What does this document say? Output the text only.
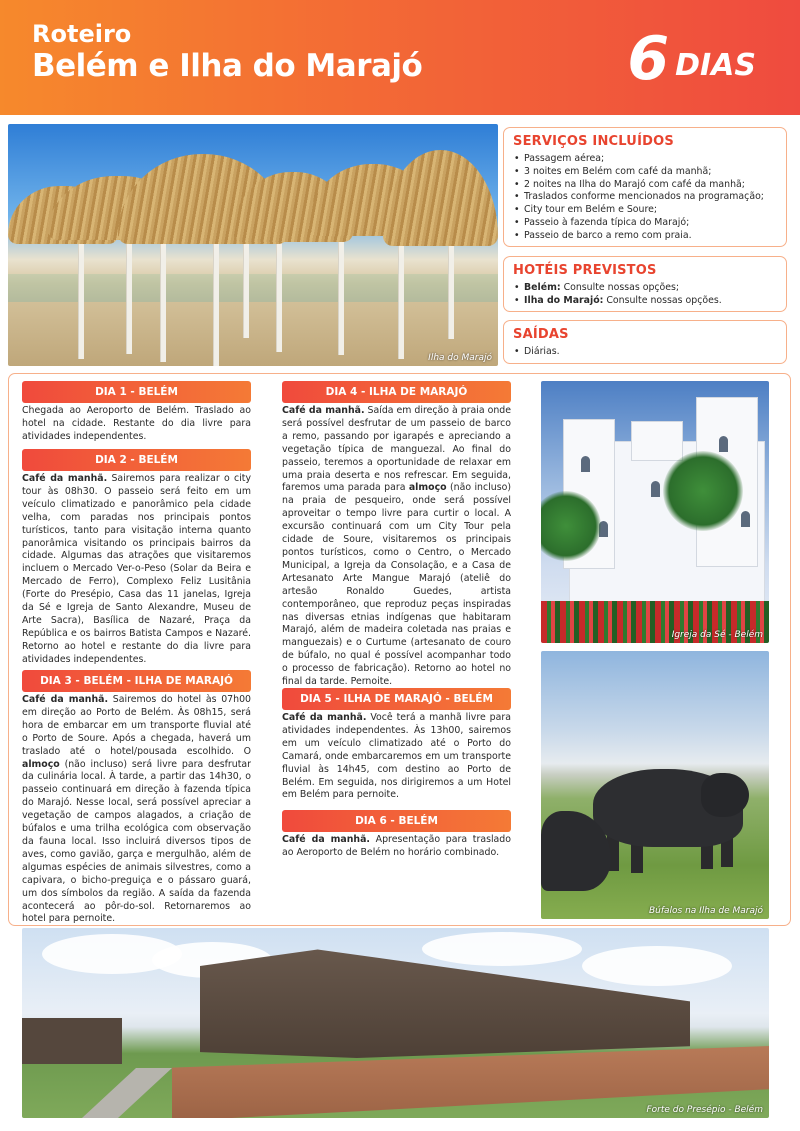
Roteiro
Belém e Ilha do Marajó	6 DIAS
Ilha do Marajó
SERVIÇOS INCLUÍDOS
• Passagem aérea;
• 3 noites em Belém com café da manhã;
• 2 noites na Ilha do Marajó com café da manhã;
• Traslados conforme mencionados na programação;
• City tour em Belém e Soure;
• Passeio à fazenda típica do Marajó;
• Passeio de barco a remo com praia.
HOTÉIS PREVISTOS
• Belém: Consulte nossas opções;
• Ilha do Marajó: Consulte nossas opções.
SAÍDAS
• Diárias.
DIA 1 - BELÉM
Chegada ao Aeroporto de Belém. Traslado ao hotel na cidade. Restante do dia livre para atividades independentes.
DIA 2 - BELÉM
Café da manhã. Sairemos para realizar o city tour às 08h30. O passeio será feito em um veículo climatizado e panorâmico pela cidade velha, com paradas nos principais pontos turísticos, tanto para visitação interna quanto panorâmica visitando os principais bairros da cidade. Algumas das atrações que visitaremos incluem o Mercado Ver-o-Peso (Solar da Beira e Mercado de Ferro), Complexo Feliz Lusitânia (Forte do Presépio, Casa das 11 janelas, Igreja da Sé e Igreja de Santo Alexandre, Museu de Arte Sacra), Basílica de Nazaré, Praça da República e os bairros Batista Campos e Nazaré. Retorno ao hotel e restante do dia livre para atividades independentes.
DIA 3 - BELÉM - ILHA DE MARAJÓ
Café da manhã. Sairemos do hotel às 07h00 em direção ao Porto de Belém. Às 08h15, será hora de embarcar em um transporte fluvial até o Porto de Soure. Após a chegada, haverá um traslado até o hotel/pousada escolhido. O almoço (não incluso) será livre para desfrutar da culinária local. À tarde, a partir das 14h30, o passeio continuará em direção à fazenda típica do Marajó. Nesse local, será possível apreciar a vegetação de campos alagados, a criação de búfalos e uma trilha ecológica com observação da fauna local. Isso incluirá diversos tipos de aves, como gavião, garça e mergulhão, além de algumas espécies de animais silvestres, como a capivara, o bicho-preguiça e o pássaro guará, um dos símbolos da região. A saída da fazenda acontecerá ao pôr-do-sol. Retornaremos ao hotel para pernoite.
DIA 4 - ILHA DE MARAJÓ
Café da manhã. Saída em direção à praia onde será possível desfrutar de um passeio de barco a remo, passando por igarapés e apreciando a vegetação típica de manguezal. Ao final do passeio, teremos a oportunidade de relaxar em uma praia deserta e nos refrescar. Em seguida, faremos uma parada para almoço (não incluso) na praia de pesqueiro, onde será possível aproveitar o tempo livre para curtir o local. A excursão continuará com um City Tour pela cidade de Soure, visitaremos os principais pontos turísticos, como o Centro, o Mercado Municipal, a Igreja da Consolação, e a Casa de Artesanato Arte Mangue Marajó (ateliê do artesão Ronaldo Guedes, artista contemporâneo, que reproduz peças inspiradas nas diversas etnias indígenas que habitaram Marajó, além de madeira coletada nas praias e manguezais) e o Curtume (artesanato de couro de búfalo, no qual é possível acompanhar todo o processo de fabricação). Retorno ao hotel no final da tarde. Pernoite.
DIA 5 - ILHA DE MARAJÓ - BELÉM
Café da manhã. Você terá a manhã livre para atividades independentes. Às 13h00, sairemos em um veículo climatizado até o Porto do Camará, onde embarcaremos em um transporte fluvial às 14h45, com destino ao Porto de Belém. Em seguida, nos dirigiremos a um Hotel em Belém para pernoite.
DIA 6 - BELÉM
Café da manhã. Apresentação para traslado ao Aeroporto de Belém no horário combinado.
Igreja da Sé - Belém
Búfalos na Ilha de Marajó
Forte do Presépio - Belém
